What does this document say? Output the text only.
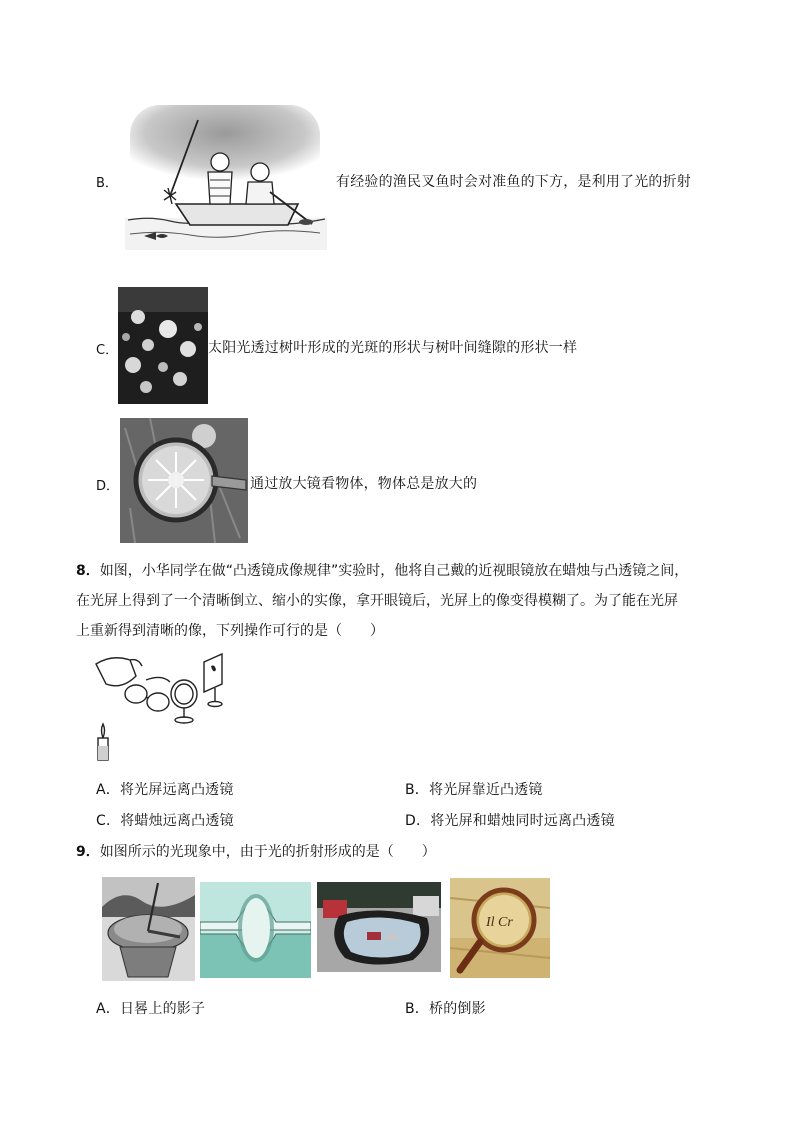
B．	有经验的渔民叉鱼时会对准鱼的下方，是利用了光的折射
C．	太阳光透过树叶形成的光斑的形状与树叶间缝隙的形状一样
D．	通过放大镜看物体，物体总是放大的
8．如图，小华同学在做“凸透镜成像规律”实验时，他将自己戴的近视眼镜放在蜡烛与凸透镜之间，
在光屏上得到了一个清晰倒立、缩小的实像，拿开眼镜后，光屏上的像变得模糊了。为了能在光屏
上重新得到清晰的像，下列操作可行的是（　　）
A．将光屏远离凸透镜	B．将光屏靠近凸透镜
C．将蜡烛远离凸透镜	D．将光屏和蜡烛同时远离凸透镜
9．如图所示的光现象中，由于光的折射形成的是（　　）
Il Cr
A．日晷上的影子	B．桥的倒影
